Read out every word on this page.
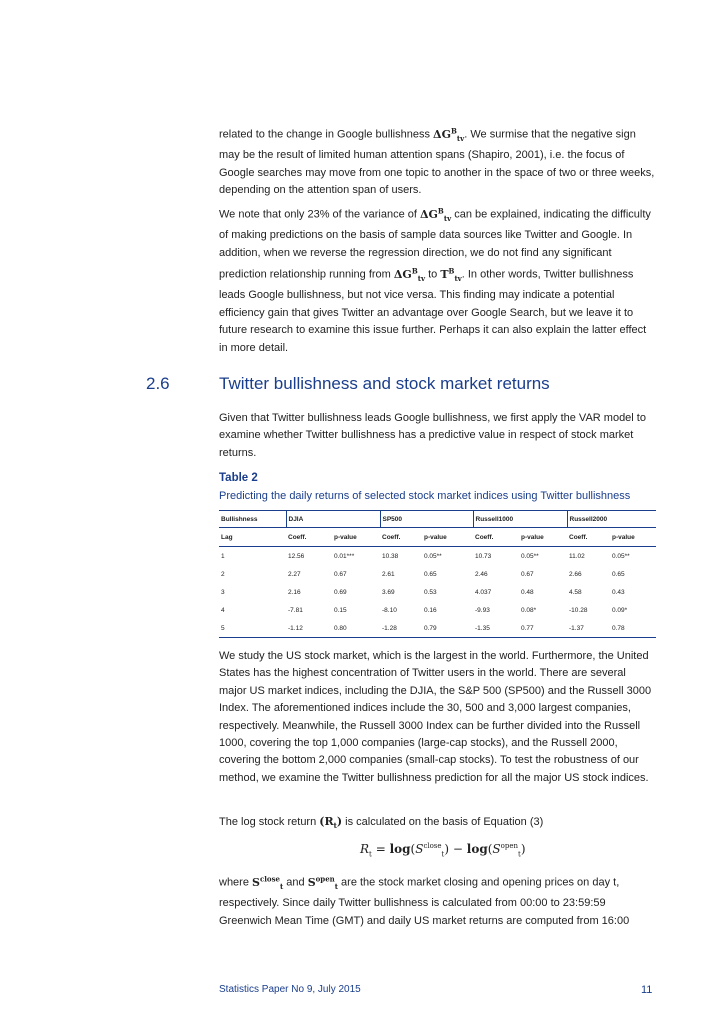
related to the change in Google bullishness $\Delta G^B_{tv}$. We surmise that the negative sign may be the result of limited human attention spans (Shapiro, 2001), i.e. the focus of Google searches may move from one topic to another in the space of two or three weeks, depending on the attention span of users.

We note that only 23% of the variance of $\Delta G^B_{tv}$ can be explained, indicating the difficulty of making predictions on the basis of sample data sources like Twitter and Google. In addition, when we reverse the regression direction, we do not find any significant prediction relationship running from $\Delta G^B_{tv}$ to $T^B_{tv}$. In other words, Twitter bullishness leads Google bullishness, but not vice versa. This finding may indicate a potential efficiency gain that gives Twitter an advantage over Google Search, but we leave it to future research to examine this issue further. Perhaps it can also explain the latter effect in more detail.

2.6	Twitter bullishness and stock market returns

Given that Twitter bullishness leads Google bullishness, we first apply the VAR model to examine whether Twitter bullishness has a predictive value in respect of stock market returns.

Table 2
Predicting the daily returns of selected stock market indices using Twitter bullishness
Bullishness	DJIA		SP500		Russell1000		Russell2000	
Lag	Coeff.	p-value	Coeff.	p-value	Coeff.	p-value	Coeff.	p-value
1	12.56	0.01***	10.38	0.05**	10.73	0.05**	11.02	0.05**
2	2.27	0.67	2.61	0.65	2.46	0.67	2.66	0.65
3	2.16	0.69	3.69	0.53	4.037	0.48	4.58	0.43
4	-7.81	0.15	-8.10	0.16	-9.93	0.08*	-10.28	0.09*
5	-1.12	0.80	-1.28	0.79	-1.35	0.77	-1.37	0.78

We study the US stock market, which is the largest in the world. Furthermore, the United States has the highest concentration of Twitter users in the world. There are several major US market indices, including the DJIA, the S&P 500 (SP500) and the Russell 3000 Index. The aforementioned indices include the 30, 500 and 3,000 largest companies, respectively. Meanwhile, the Russell 3000 Index can be further divided into the Russell 1000, covering the top 1,000 companies (large-cap stocks), and the Russell 2000, covering the bottom 2,000 companies (small-cap stocks). To test the robustness of our method, we examine the Twitter bullishness prediction for all the major US stock indices.

The log stock return $(R_t)$ is calculated on the basis of Equation (3)

$R_t = \log(S^{close}_t) - \log(S^{open}_t)$

where $S^{close}_t$ and $S^{open}_t$ are the stock market closing and opening prices on day t, respectively. Since daily Twitter bullishness is calculated from 00:00 to 23:59:59 Greenwich Mean Time (GMT) and daily US market returns are computed from 16:00

Statistics Paper No 9, July 2015	11
